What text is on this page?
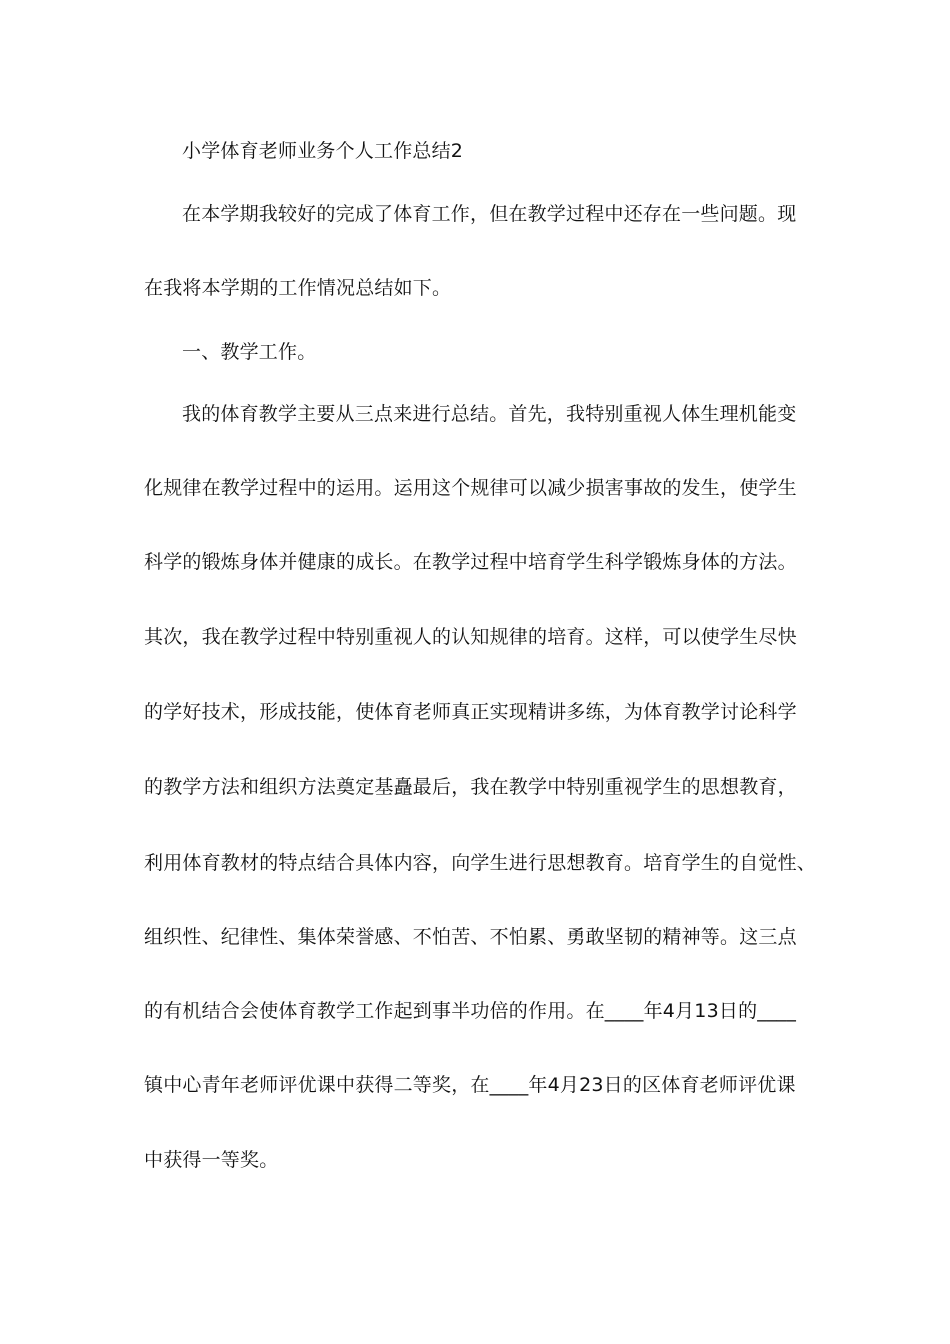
小学体育老师业务个人工作总结2
在本学期我较好的完成了体育工作，但在教学过程中还存在一些问题。现
在我将本学期的工作情况总结如下。
一、教学工作。
我的体育教学主要从三点来进行总结。首先，我特别重视人体生理机能变
化规律在教学过程中的运用。运用这个规律可以减少损害事故的发生，使学生
科学的锻炼身体并健康的成长。在教学过程中培育学生科学锻炼身体的方法。
其次，我在教学过程中特别重视人的认知规律的培育。这样，可以使学生尽快
的学好技术，形成技能，使体育老师真正实现精讲多练，为体育教学讨论科学
的教学方法和组织方法奠定基矗最后，我在教学中特别重视学生的思想教育，
利用体育教材的特点结合具体内容，向学生进行思想教育。培育学生的自觉性、
组织性、纪律性、集体荣誉感、不怕苦、不怕累、勇敢坚韧的精神等。这三点
的有机结合会使体育教学工作起到事半功倍的作用。在____年4月13日的____
镇中心青年老师评优课中获得二等奖，在____年4月23日的区体育老师评优课
中获得一等奖。
